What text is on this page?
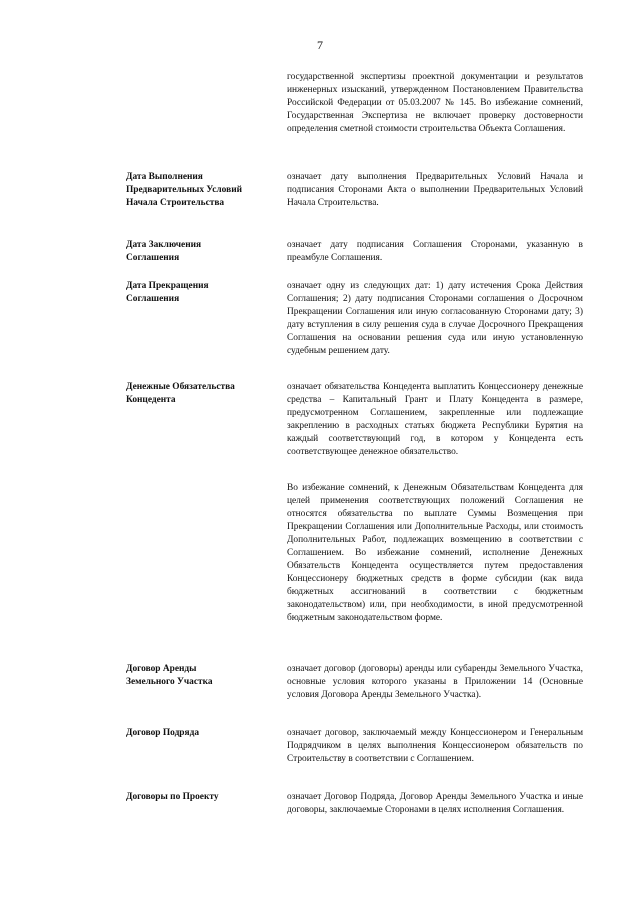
7

государственной экспертизы проектной документации и результатов инженерных изысканий, утвержденном Постановлением Правительства Российской Федерации от 05.03.2007 № 145. Во избежание сомнений, Государственная Экспертиза не включает проверку достоверности определения сметной стоимости строительства Объекта Соглашения.

Дата Выполнения Предварительных Условий Начала Строительства

означает дату выполнения Предварительных Условий Начала и подписания Сторонами Акта о выполнении Предварительных Условий Начала Строительства.

Дата Заключения Соглашения

означает дату подписания Соглашения Сторонами, указанную в преамбуле Соглашения.

Дата Прекращения Соглашения

означает одну из следующих дат: 1) дату истечения Срока Действия Соглашения; 2) дату подписания Сторонами соглашения о Досрочном Прекращении Соглашения или иную согласованную Сторонами дату; 3) дату вступления в силу решения суда в случае Досрочного Прекращения Соглашения на основании решения суда или иную установленную судебным решением дату.

Денежные Обязательства Концедента

означает обязательства Концедента выплатить Концессионеру денежные средства – Капитальный Грант и Плату Концедента в размере, предусмотренном Соглашением, закрепленные или подлежащие закреплению в расходных статьях бюджета Республики Бурятия на каждый соответствующий год, в котором у Концедента есть соответствующее денежное обязательство.

Во избежание сомнений, к Денежным Обязательствам Концедента для целей применения соответствующих положений Соглашения не относятся обязательства по выплате Суммы Возмещения при Прекращении Соглашения или Дополнительные Расходы, или стоимость Дополнительных Работ, подлежащих возмещению в соответствии с Соглашением. Во избежание сомнений, исполнение Денежных Обязательств Концедента осуществляется путем предоставления Концессионеру бюджетных средств в форме субсидии (как вида бюджетных ассигнований в соответствии с бюджетным законодательством) или, при необходимости, в иной предусмотренной бюджетным законодательством форме.

Договор Аренды Земельного Участка

означает договор (договоры) аренды или субаренды Земельного Участка, основные условия которого указаны в Приложении 14 (Основные условия Договора Аренды Земельного Участка).

Договор Подряда	означает договор, заключаемый между Концессионером и Генеральным Подрядчиком в целях выполнения Концессионером обязательств по Строительству в соответствии с Соглашением.

Договоры по Проекту	означает Договор Подряда, Договор Аренды Земельного Участка и иные договоры, заключаемые Сторонами в целях исполнения Соглашения.
